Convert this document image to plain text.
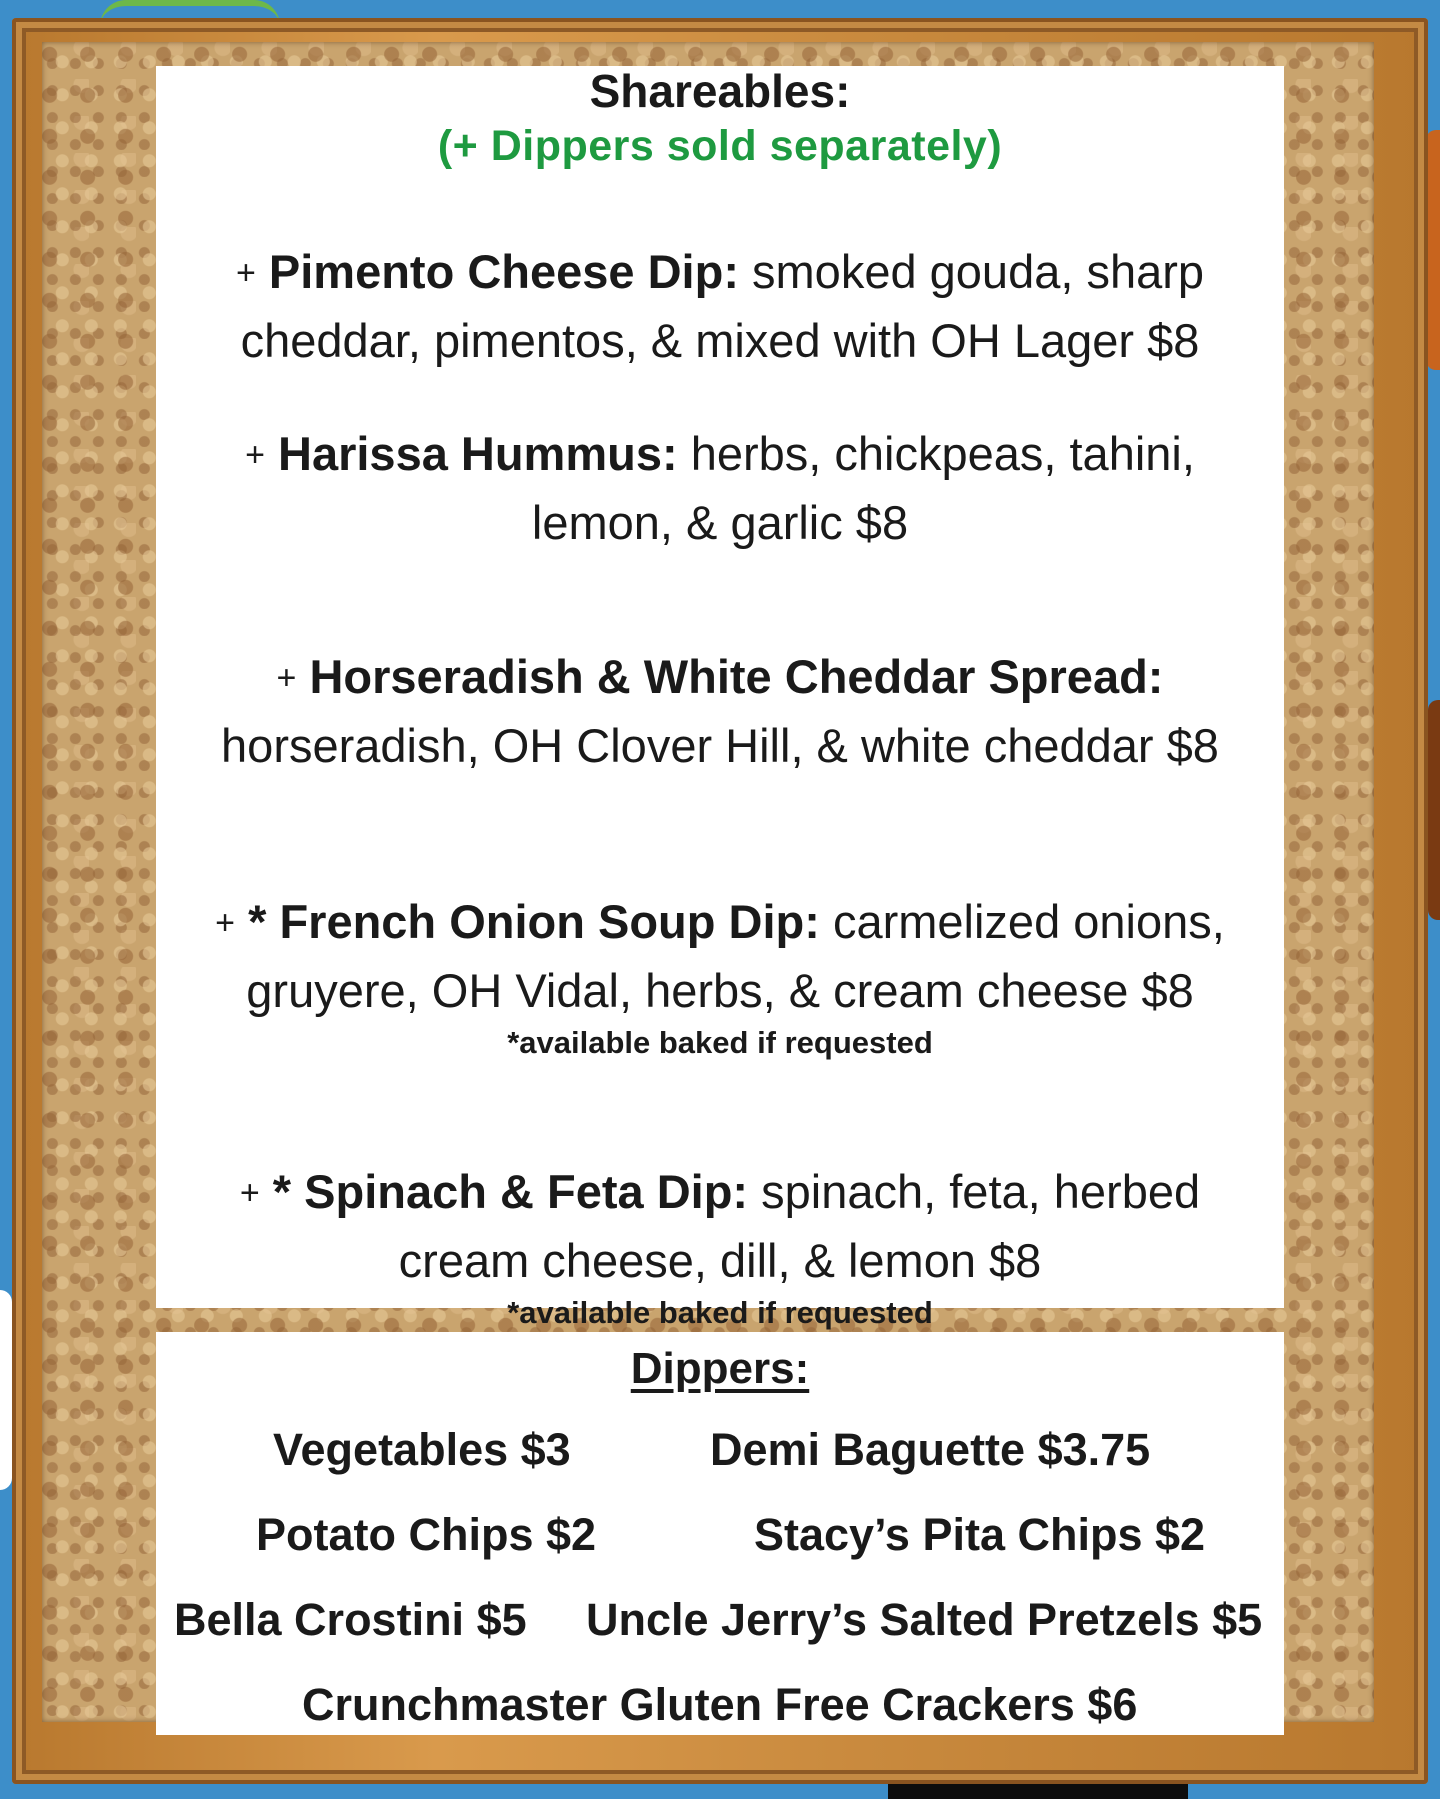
Shareables:
(+ Dippers sold separately)
+ Pimento Cheese Dip: smoked gouda, sharp
cheddar, pimentos, & mixed with OH Lager $8
+ Harissa Hummus: herbs, chickpeas, tahini,
lemon, & garlic $8
+ Horseradish & White Cheddar Spread:
horseradish, OH Clover Hill, & white cheddar $8
+ * French Onion Soup Dip: carmelized onions,
gruyere, OH Vidal, herbs, & cream cheese $8
*available baked if requested
+ * Spinach & Feta Dip: spinach, feta, herbed
cream cheese, dill, & lemon $8
*available baked if requested
Dippers:
Vegetables $3	Demi Baguette $3.75
Potato Chips $2	Stacy’s Pita Chips $2
Bella Crostini $5 Uncle Jerry’s Salted Pretzels $5
Crunchmaster Gluten Free Crackers $6
